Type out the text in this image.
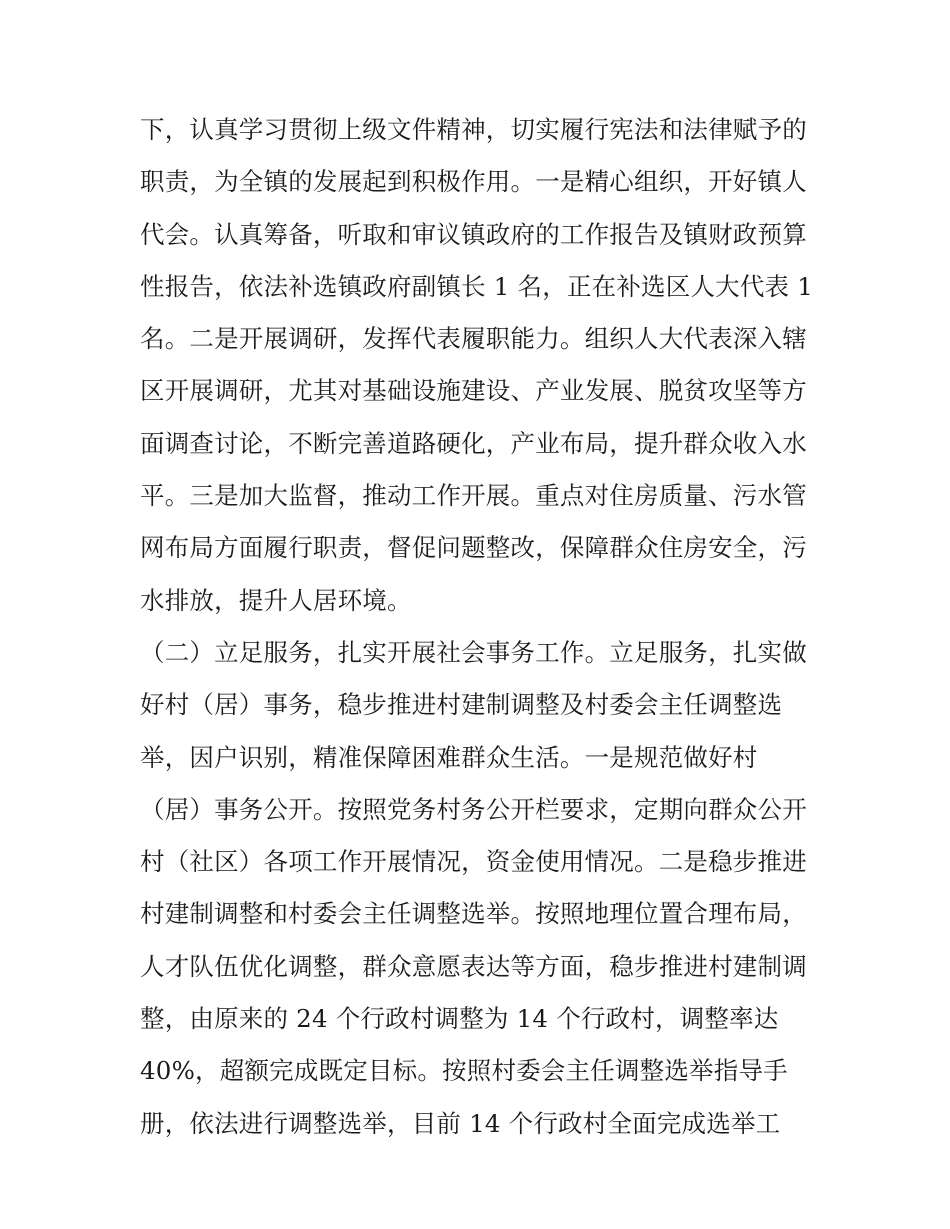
下，认真学习贯彻上级文件精神，切实履行宪法和法律赋予的
职责，为全镇的发展起到积极作用。一是精心组织，开好镇人
代会。认真筹备，听取和审议镇政府的工作报告及镇财政预算
性报告，依法补选镇政府副镇长 1 名，正在补选区人大代表 1
名。二是开展调研，发挥代表履职能力。组织人大代表深入辖
区开展调研，尤其对基础设施建设、产业发展、脱贫攻坚等方
面调查讨论，不断完善道路硬化，产业布局，提升群众收入水
平。三是加大监督，推动工作开展。重点对住房质量、污水管
网布局方面履行职责，督促问题整改，保障群众住房安全，污
水排放，提升人居环境。
（二）立足服务，扎实开展社会事务工作。立足服务，扎实做
好村（居）事务，稳步推进村建制调整及村委会主任调整选
举，因户识别，精准保障困难群众生活。一是规范做好村
（居）事务公开。按照党务村务公开栏要求，定期向群众公开
村（社区）各项工作开展情况，资金使用情况。二是稳步推进
村建制调整和村委会主任调整选举。按照地理位置合理布局，
人才队伍优化调整，群众意愿表达等方面，稳步推进村建制调
整，由原来的 24 个行政村调整为 14 个行政村，调整率达
40%，超额完成既定目标。按照村委会主任调整选举指导手
册，依法进行调整选举，目前 14 个行政村全面完成选举工
